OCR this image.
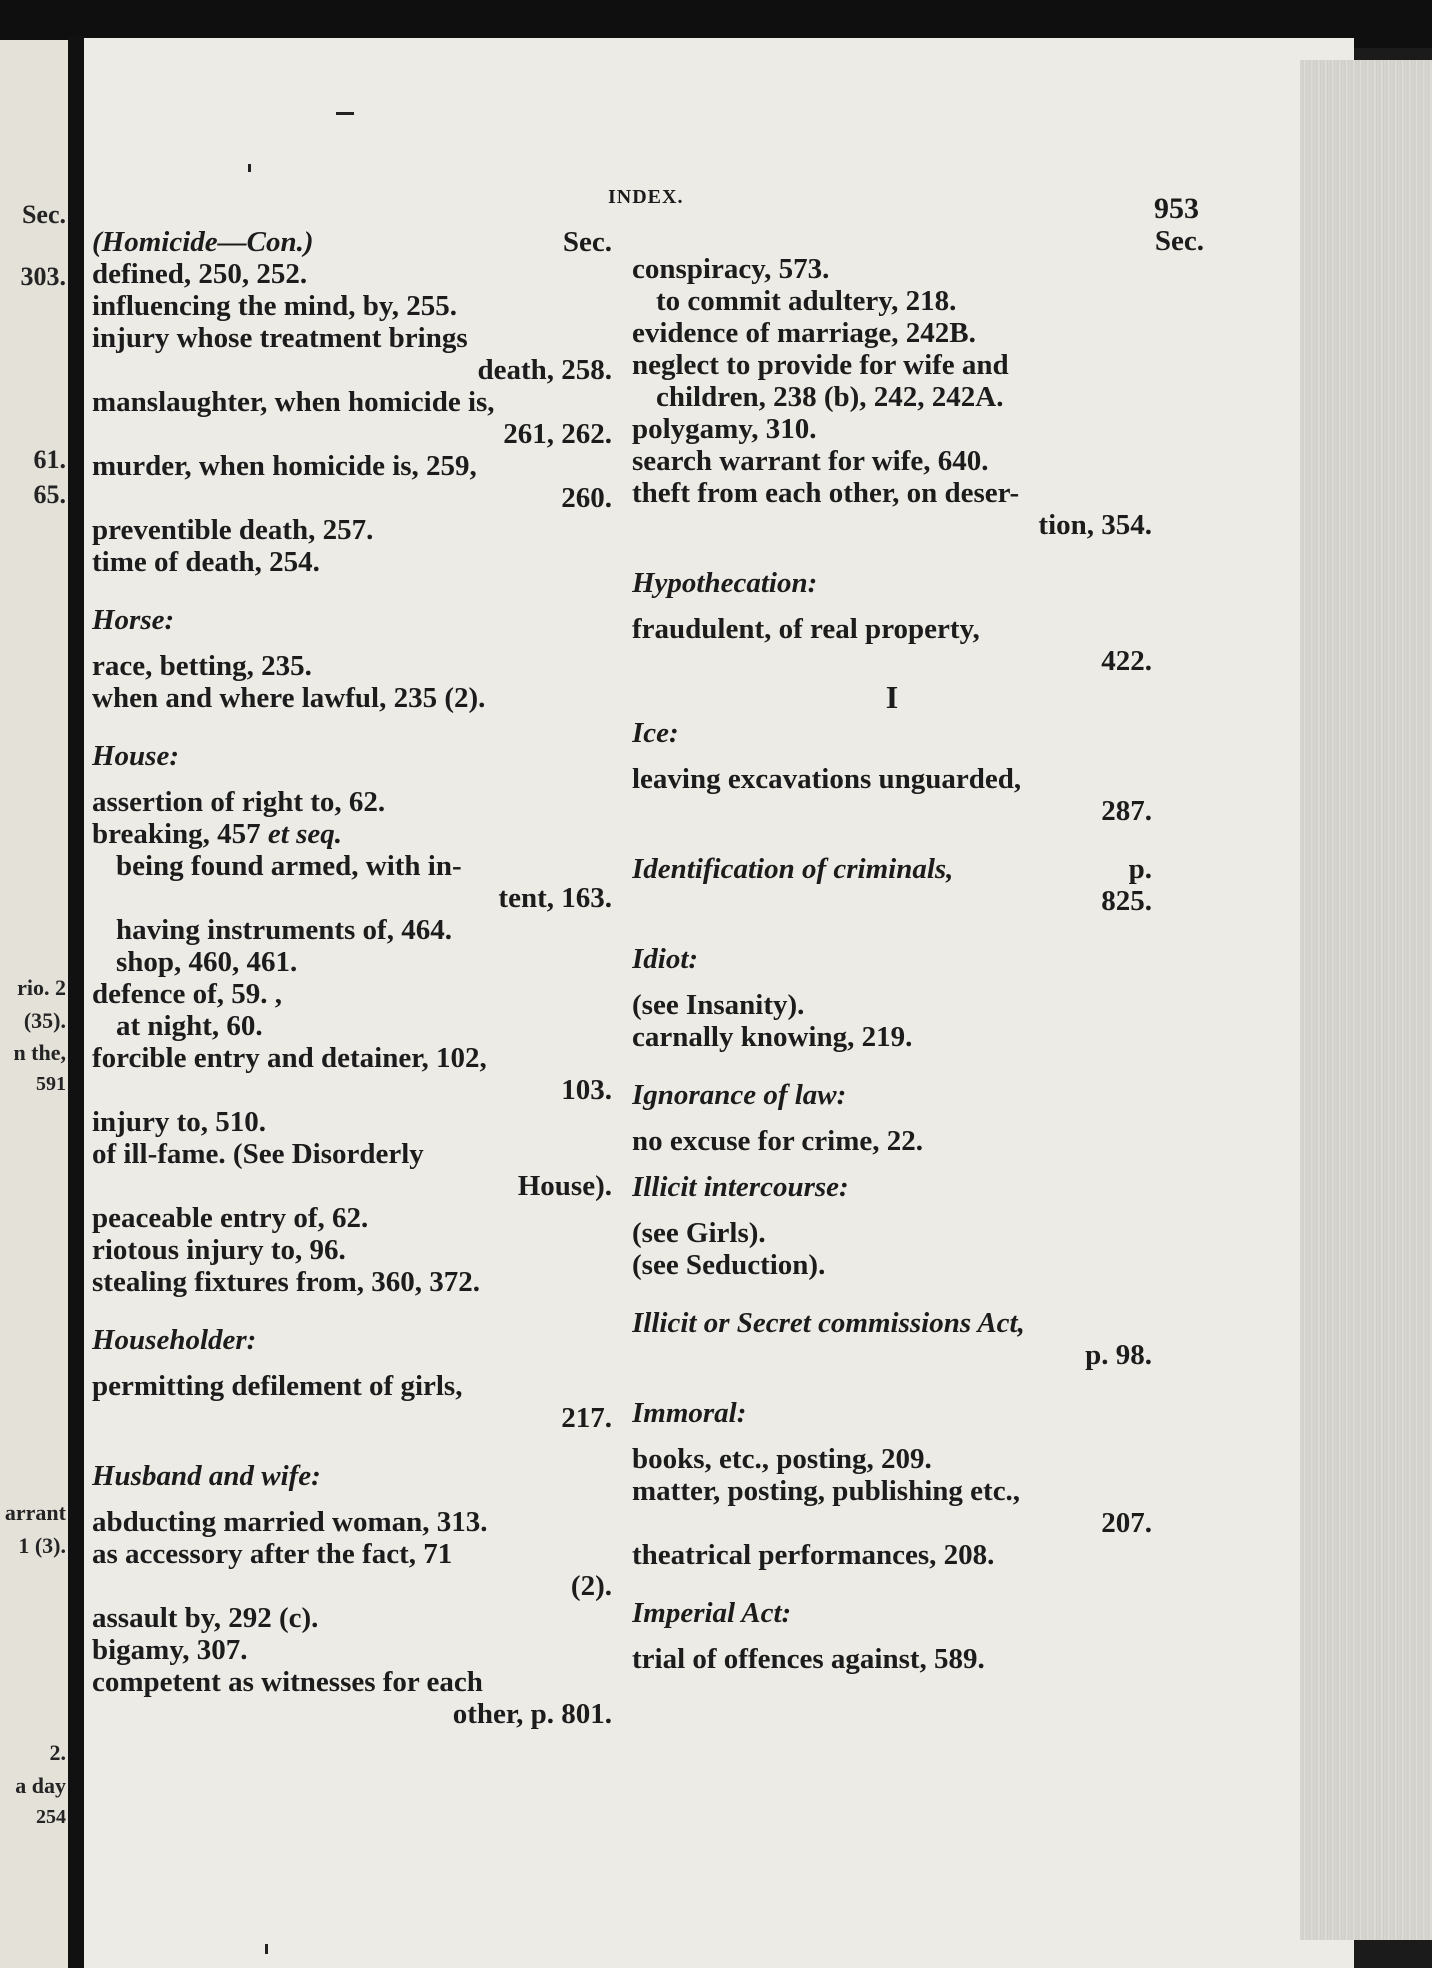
Sec.
303.
61.
65.
rio. 2
(35).
n the,
591
arrant
1 (3).
2.
a day
254
INDEX.	953
(Homicide—Con.)	Sec.
defined, 250, 252.
influencing the mind, by, 255.
injury whose treatment brings
death, 258.
manslaughter, when homicide is,
261, 262.
murder, when homicide is, 259,
260.
preventible death, 257.
time of death, 254.
Horse:
race, betting, 235.
when and where lawful, 235 (2).
House:
assertion of right to, 62.
breaking, 457 et seq.
being found armed, with in-
tent, 163.
having instruments of, 464.
shop, 460, 461.
defence of, 59. ,
at night, 60.
forcible entry and detainer, 102,
103.
injury to, 510.
of ill-fame. (See Disorderly
House).
peaceable entry of, 62.
riotous injury to, 96.
stealing fixtures from, 360, 372.
Householder:
permitting defilement of girls,
217.
Husband and wife:
abducting married woman, 313.
as accessory after the fact, 71
(2).
assault by, 292 (c).
bigamy, 307.
competent as witnesses for each
other, p. 801.
Sec.
conspiracy, 573.
to commit adultery, 218.
evidence of marriage, 242B.
neglect to provide for wife and
children, 238 (b), 242, 242A.
polygamy, 310.
search warrant for wife, 640.
theft from each other, on deser-
tion, 354.
Hypothecation:
fraudulent, of real property,
422.
I
Ice:
leaving excavations unguarded,
287.
Identification of criminals,	p.
825.
Idiot:
(see Insanity).
carnally knowing, 219.
Ignorance of law:
no excuse for crime, 22.
Illicit intercourse:
(see Girls).
(see Seduction).
Illicit or Secret commissions Act,
p. 98.
Immoral:
books, etc., posting, 209.
matter, posting, publishing etc.,
207.
theatrical performances, 208.
Imperial Act:
trial of offences against, 589.
